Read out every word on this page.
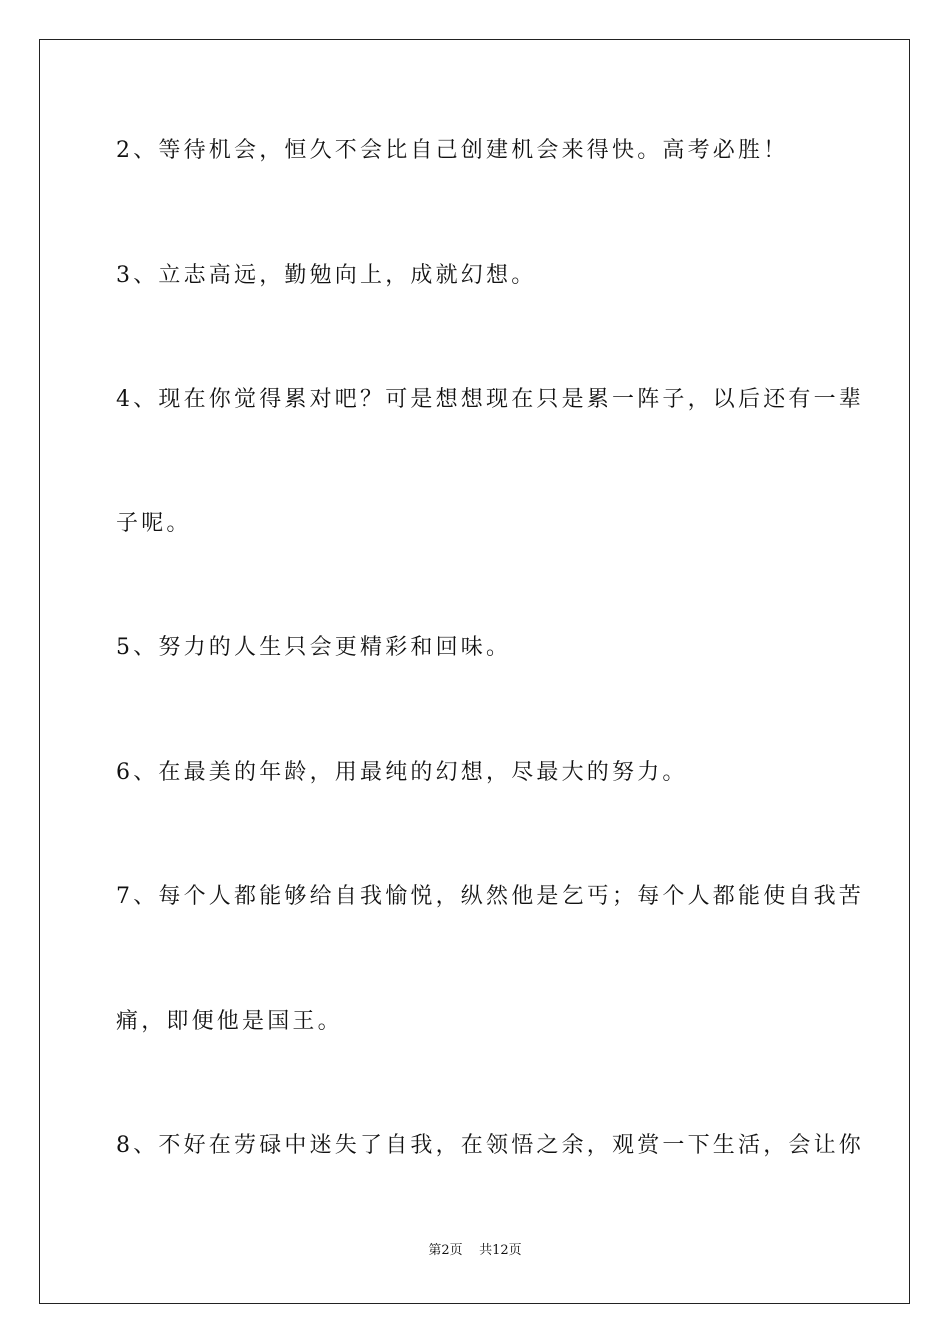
2、等待机会，恒久不会比自己创建机会来得快。高考必胜！
3、立志高远，勤勉向上，成就幻想。
4、现在你觉得累对吧？可是想想现在只是累一阵子，以后还有一辈
子呢。
5、努力的人生只会更精彩和回味。
6、在最美的年龄，用最纯的幻想，尽最大的努力。
7、每个人都能够给自我愉悦，纵然他是乞丐；每个人都能使自我苦
痛，即便他是国王。
8、不好在劳碌中迷失了自我，在领悟之余，观赏一下生活，会让你
第2页 共12页
